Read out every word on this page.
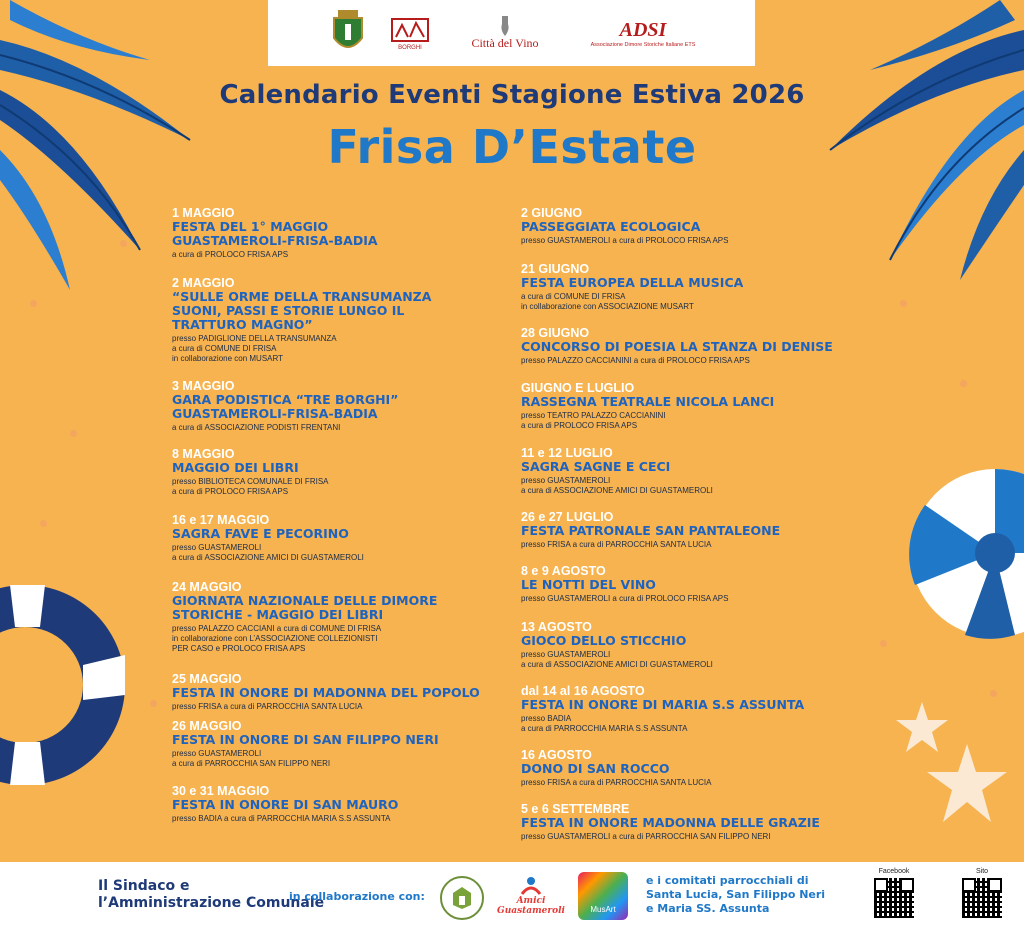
BORGHI	Città del Vino
ADSI
Associazione Dimore Storiche Italiane ETS
Calendario Eventi Stagione Estiva 2026
Frisa D’Estate
1 MAGGIO
FESTA DEL 1° MAGGIO
GUASTAMEROLI-FRISA-BADIA
a cura di PROLOCO FRISA APS
2 MAGGIO
“SULLE ORME DELLA TRANSUMANZA
SUONI, PASSI E STORIE LUNGO IL
TRATTURO MAGNO”
presso PADIGLIONE DELLA TRANSUMANZA
a cura di COMUNE DI FRISA
in collaborazione con MUSART
3 MAGGIO
GARA PODISTICA “TRE BORGHI”
GUASTAMEROLI-FRISA-BADIA
a cura di ASSOCIAZIONE PODISTI FRENTANI
8 MAGGIO
MAGGIO DEI LIBRI
presso BIBLIOTECA COMUNALE DI FRISA
a cura di PROLOCO FRISA APS
16 e 17 MAGGIO
SAGRA FAVE E PECORINO
presso GUASTAMEROLI
a cura di ASSOCIAZIONE AMICI DI GUASTAMEROLI
24 MAGGIO
GIORNATA NAZIONALE DELLE DIMORE
STORICHE - MAGGIO DEI LIBRI
presso PALAZZO CACCIANI a cura di COMUNE DI FRISA
in collaborazione con L’ASSOCIAZIONE COLLEZIONISTI
PER CASO e PROLOCO FRISA APS
25 MAGGIO
FESTA IN ONORE DI MADONNA DEL POPOLO
presso FRISA a cura di PARROCCHIA SANTA LUCIA
26 MAGGIO
FESTA IN ONORE DI SAN FILIPPO NERI
presso GUASTAMEROLI
a cura di PARROCCHIA SAN FILIPPO NERI
30 e 31 MAGGIO
FESTA IN ONORE DI SAN MAURO
presso BADIA a cura di PARROCCHIA MARIA S.S ASSUNTA
2 GIUGNO
PASSEGGIATA ECOLOGICA
presso GUASTAMEROLI a cura di PROLOCO FRISA APS
21 GIUGNO
FESTA EUROPEA DELLA MUSICA
a cura di COMUNE DI FRISA
in collaborazione con ASSOCIAZIONE MUSART
28 GIUGNO
CONCORSO DI POESIA LA STANZA DI DENISE
presso PALAZZO CACCIANINI a cura di PROLOCO FRISA APS
GIUGNO E LUGLIO
RASSEGNA TEATRALE NICOLA LANCI
presso TEATRO PALAZZO CACCIANINI
a cura di PROLOCO FRISA APS
11 e 12 LUGLIO
SAGRA SAGNE E CECI
presso GUASTAMEROLI
a cura di ASSOCIAZIONE AMICI DI GUASTAMEROLI
26 e 27 LUGLIO
FESTA PATRONALE SAN PANTALEONE
presso FRISA a cura di PARROCCHIA SANTA LUCIA
8 e 9 AGOSTO
LE NOTTI DEL VINO
presso GUASTAMEROLI a cura di PROLOCO FRISA APS
13 AGOSTO
GIOCO DELLO STICCHIO
presso GUASTAMEROLI
a cura di ASSOCIAZIONE AMICI DI GUASTAMEROLI
dal 14 al 16 AGOSTO
FESTA IN ONORE DI MARIA S.S ASSUNTA
presso BADIA
a cura di PARROCCHIA MARIA S.S ASSUNTA
16 AGOSTO
DONO DI SAN ROCCO
presso FRISA a cura di PARROCCHIA SANTA LUCIA
5 e 6 SETTEMBRE
FESTA IN ONORE MADONNA DELLE GRAZIE
presso GUASTAMEROLI a cura di PARROCCHIA SAN FILIPPO NERI
Il Sindaco e
l’Amministrazione Comunale
in collaborazione con:	Amici Guastameroli	MusArt
e i comitati parrocchiali di
Santa Lucia, San Filippo Neri
e Maria SS. Assunta
Facebook	Sito
